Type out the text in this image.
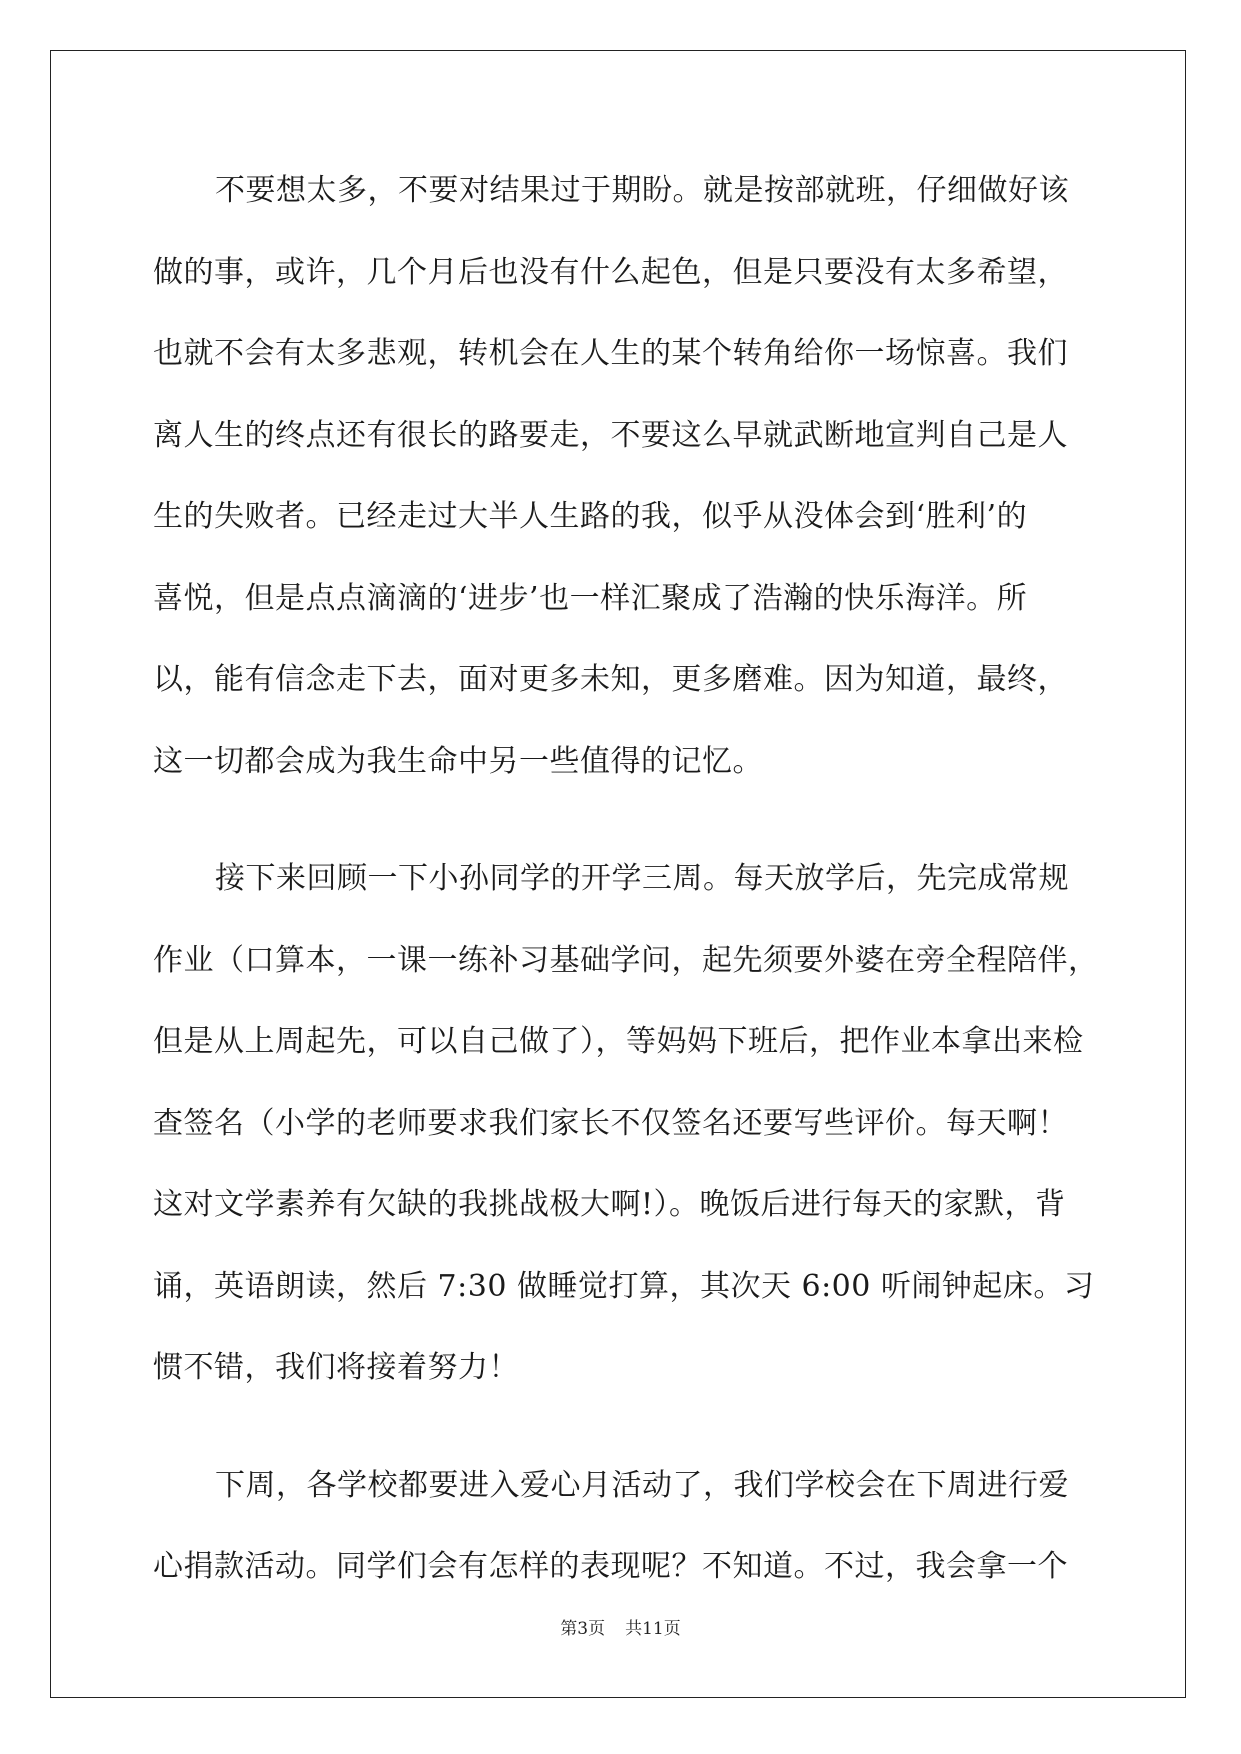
不要想太多，不要对结果过于期盼。就是按部就班，仔细做好该
做的事，或许，几个月后也没有什么起色，但是只要没有太多希望，
也就不会有太多悲观，转机会在人生的某个转角给你一场惊喜。我们
离人生的终点还有很长的路要走，不要这么早就武断地宣判自己是人
生的失败者。已经走过大半人生路的我，似乎从没体会到‘胜利’的
喜悦，但是点点滴滴的‘进步’也一样汇聚成了浩瀚的快乐海洋。所
以，能有信念走下去，面对更多未知，更多磨难。因为知道，最终，
这一切都会成为我生命中另一些值得的记忆。
接下来回顾一下小孙同学的开学三周。每天放学后，先完成常规
作业（口算本，一课一练补习基础学问，起先须要外婆在旁全程陪伴，
但是从上周起先，可以自己做了），等妈妈下班后，把作业本拿出来检
查签名（小学的老师要求我们家长不仅签名还要写些评价。每天啊！
这对文学素养有欠缺的我挑战极大啊!）。晚饭后进行每天的家默，背
诵，英语朗读，然后 7:30 做睡觉打算，其次天 6:00 听闹钟起床。习
惯不错，我们将接着努力！
下周，各学校都要进入爱心月活动了，我们学校会在下周进行爱
心捐款活动。同学们会有怎样的表现呢？不知道。不过，我会拿一个
第3页 共11页
